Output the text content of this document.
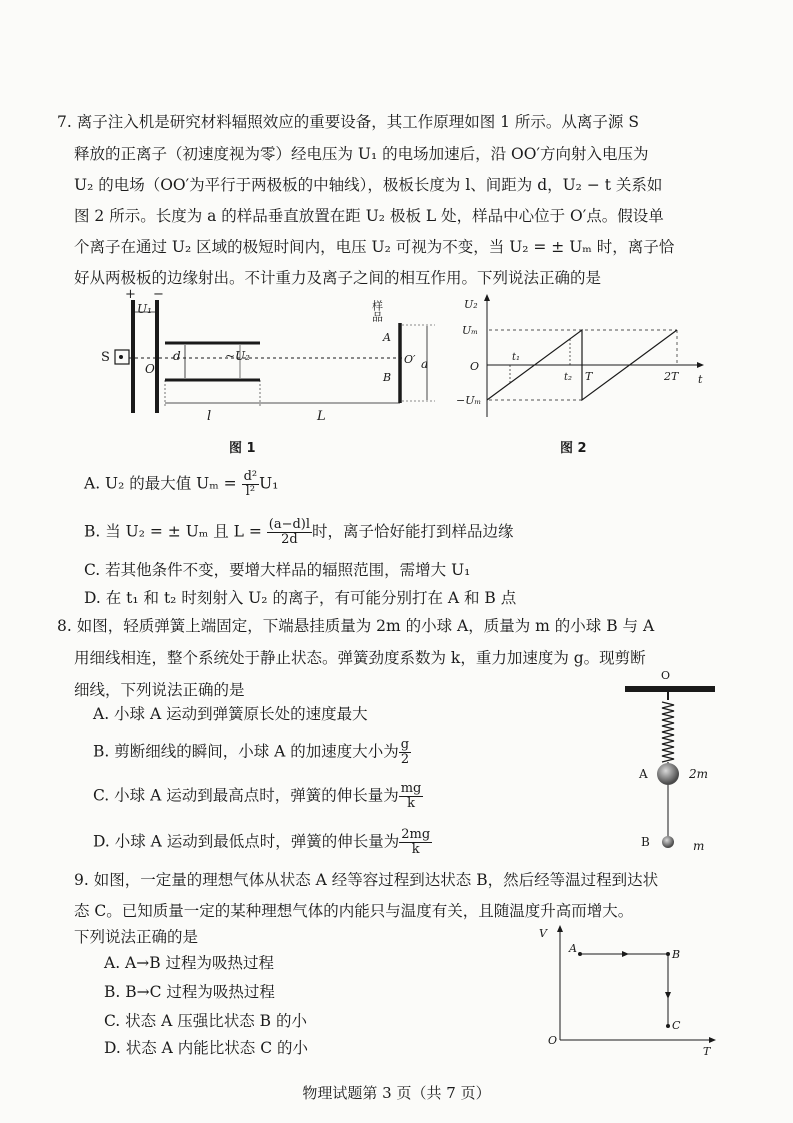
7. 离子注入机是研究材料辐照效应的重要设备，其工作原理如图 1 所示。从离子源 S
释放的正离子（初速度视为零）经电压为 U₁ 的电场加速后，沿 OO′方向射入电压为
U₂ 的电场（OO′为平行于两极板的中轴线），极板长度为 l、间距为 d，U₂ − t 关系如
图 2 所示。长度为 a 的样品垂直放置在距 U₂ 极板 L 处，样品中心位于 O′点。假设单
个离子在通过 U₂ 区域的极短时间内，电压 U₂ 可视为不变，当 U₂ = ± Uₘ 时，离子恰
好从两极板的边缘射出。不计重力及离子之间的相互作用。下列说法正确的是
+ −
U₁
S
O
d	~U₂
l	L
样品
A
B
O′ a
图 1
U₂
Uₘ
−Uₘ
O
t₁
t₂ T	2T t
图 2
A. U₂ 的最大值 $U_m = \frac{\text{d²}}{\text{l²}} U_1$
B. 当 U₂ = ± Uₘ 且 $L = \frac{(a-d)l}{2d}$ 时，离子恰好能打到样品边缘
C. 若其他条件不变，要增大样品的辐照范围，需增大 U₁
D. 在 t₁ 和 t₂ 时刻射入 U₂ 的离子，有可能分别打在 A 和 B 点
8. 如图，轻质弹簧上端固定，下端悬挂质量为 2m 的小球 A，质量为 m 的小球 B 与 A
用细线相连，整个系统处于静止状态。弹簧劲度系数为 k，重力加速度为 g。现剪断
细线，下列说法正确的是
A. 小球 A 运动到弹簧原长处的速度最大
B. 剪断细线的瞬间，小球 A 的加速度大小为 $\frac{g}{2}$
C. 小球 A 运动到最高点时，弹簧的伸长量为 $\frac{mg}{k}$
D. 小球 A 运动到最低点时，弹簧的伸长量为 $\frac{2mg}{k}$
O
A	2m
B	m
9. 如图，一定量的理想气体从状态 A 经等容过程到达状态 B，然后经等温过程到达状
态 C。已知质量一定的某种理想气体的内能只与温度有关，且随温度升高而增大。
下列说法正确的是
A. A→B 过程为吸热过程
B. B→C 过程为吸热过程
C. 状态 A 压强比状态 B 的小
D. 状态 A 内能比状态 C 的小
V
T
O
A	B
C
物理试题第 3 页（共 7 页）
